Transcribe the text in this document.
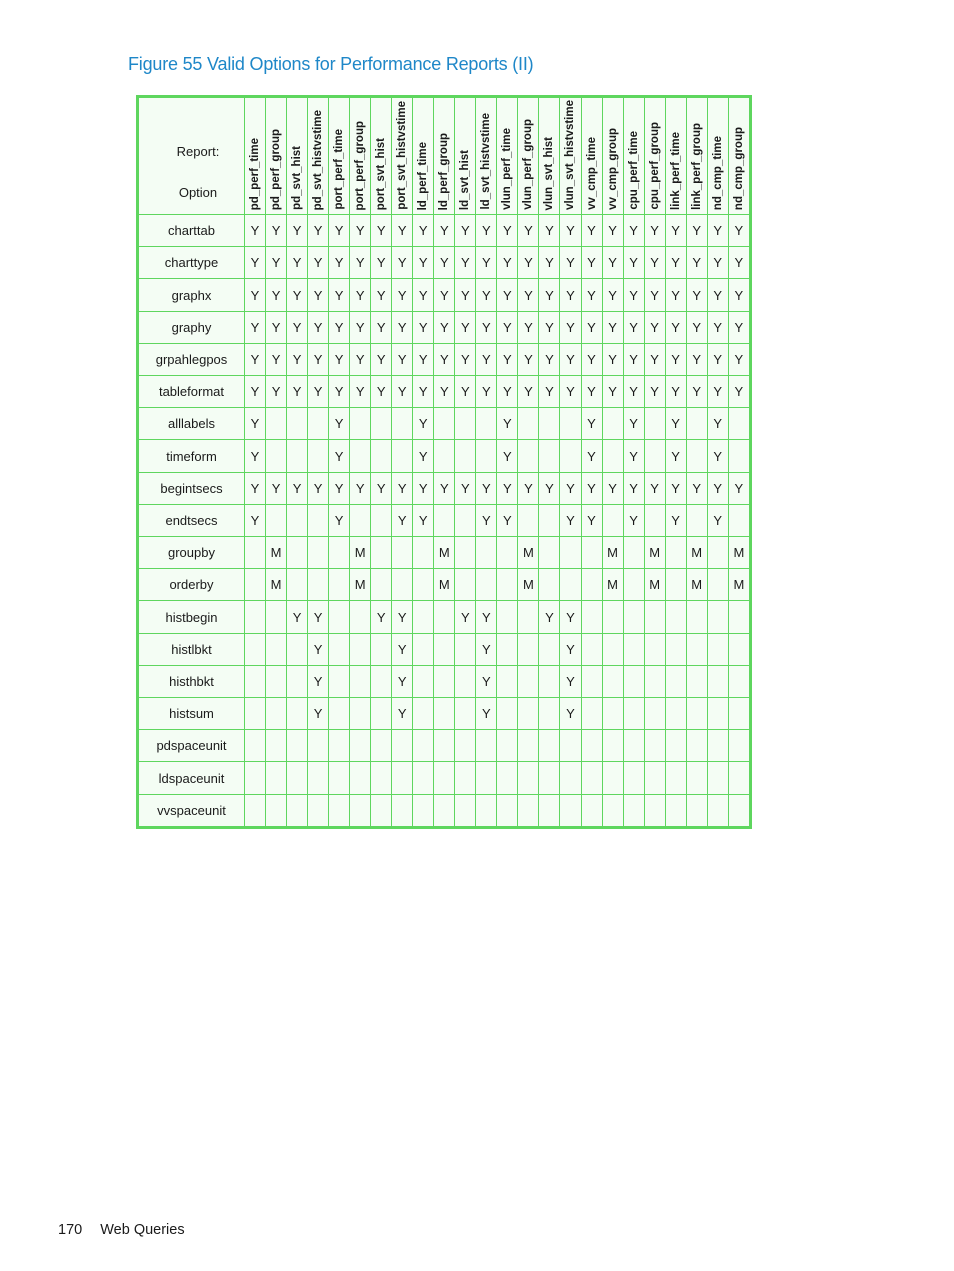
Figure 55 Valid Options for Performance Reports (II)
Report:
Option	pd_perf_time	pd_perf_group	pd_svt_hist	pd_svt_histvstime	port_perf_time	port_perf_group	port_svt_hist	port_svt_histvstime	ld_perf_time	ld_perf_group	ld_svt_hist	ld_svt_histvstime	vlun_perf_time	vlun_perf_group	vlun_svt_hist	vlun_svt_histvstime	vv_cmp_time	vv_cmp_group	cpu_perf_time	cpu_perf_group	link_perf_time	link_perf_group	nd_cmp_time	nd_cmp_group

charttab	Y	Y	Y	Y	Y	Y	Y	Y	Y	Y	Y	Y	Y	Y	Y	Y	Y	Y	Y	Y	Y	Y	Y	Y
charttype	Y	Y	Y	Y	Y	Y	Y	Y	Y	Y	Y	Y	Y	Y	Y	Y	Y	Y	Y	Y	Y	Y	Y	Y
graphx	Y	Y	Y	Y	Y	Y	Y	Y	Y	Y	Y	Y	Y	Y	Y	Y	Y	Y	Y	Y	Y	Y	Y	Y
graphy	Y	Y	Y	Y	Y	Y	Y	Y	Y	Y	Y	Y	Y	Y	Y	Y	Y	Y	Y	Y	Y	Y	Y	Y
grpahlegpos	Y	Y	Y	Y	Y	Y	Y	Y	Y	Y	Y	Y	Y	Y	Y	Y	Y	Y	Y	Y	Y	Y	Y	Y
tableformat	Y	Y	Y	Y	Y	Y	Y	Y	Y	Y	Y	Y	Y	Y	Y	Y	Y	Y	Y	Y	Y	Y	Y	Y
alllabels	Y				Y				Y				Y				Y		Y		Y		Y	
timeform	Y				Y				Y				Y				Y		Y		Y		Y	
begintsecs	Y	Y	Y	Y	Y	Y	Y	Y	Y	Y	Y	Y	Y	Y	Y	Y	Y	Y	Y	Y	Y	Y	Y	Y
endtsecs	Y				Y			Y	Y			Y	Y			Y	Y		Y		Y		Y	
groupby		M				M				M				M				M		M		M		M
orderby		M				M				M				M				M		M		M		M
histbegin			Y	Y			Y	Y			Y	Y			Y	Y								
histlbkt				Y				Y				Y				Y								
histhbkt				Y				Y				Y				Y								
histsum				Y				Y				Y				Y								
pdspaceunit																								
ldspaceunit																								
vvspaceunit																								
170 Web Queries
